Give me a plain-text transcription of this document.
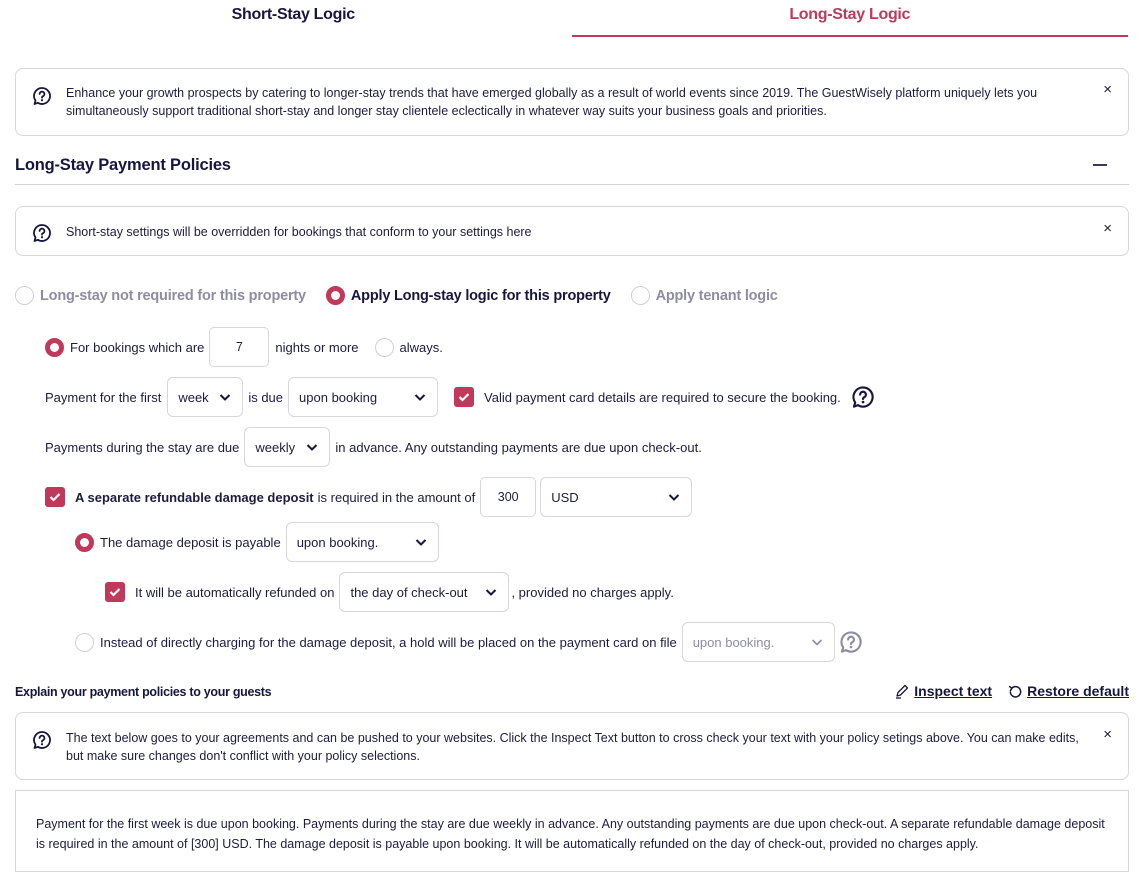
Short-Stay Logic	Long-Stay Logic
Enhance your growth prospects by catering to longer-stay trends that have emerged globally as a result of world events since 2019. The GuestWisely platform uniquely lets you simultaneously support traditional short-stay and longer stay clientele eclectically in whatever way suits your business goals and priorities.
×
Long-Stay Payment Policies
Short-stay settings will be overridden for bookings that conform to your settings here	×
Long-stay not required for this property	Apply Long-stay logic for this property	Apply tenant logic
For bookings which are	7	nights or more	always.
Payment for the first week	is due upon booking	Valid payment card details are required to secure the booking.
Payments during the stay are due weekly	in advance. Any outstanding payments are due upon check-out.
A separate refundable damage deposit is required in the amount of	300	USD
The damage deposit is payable upon booking.
It will be automatically refunded on the day of check-out	, provided no charges apply.
Instead of directly charging for the damage deposit, a hold will be placed on the payment card on file upon booking.
Explain your payment policies to your guests	Inspect text	Restore default
The text below goes to your agreements and can be pushed to your websites. Click the Inspect Text button to cross check your text with your policy setings above. You can make edits, but make sure changes don't conflict with your policy selections.
×
Payment for the first week is due upon booking. Payments during the stay are due weekly in advance. Any outstanding payments are due upon check-out. A separate refundable damage deposit is required in the amount of [300] USD. The damage deposit is payable upon booking. It will be automatically refunded on the day of check-out, provided no charges apply.
